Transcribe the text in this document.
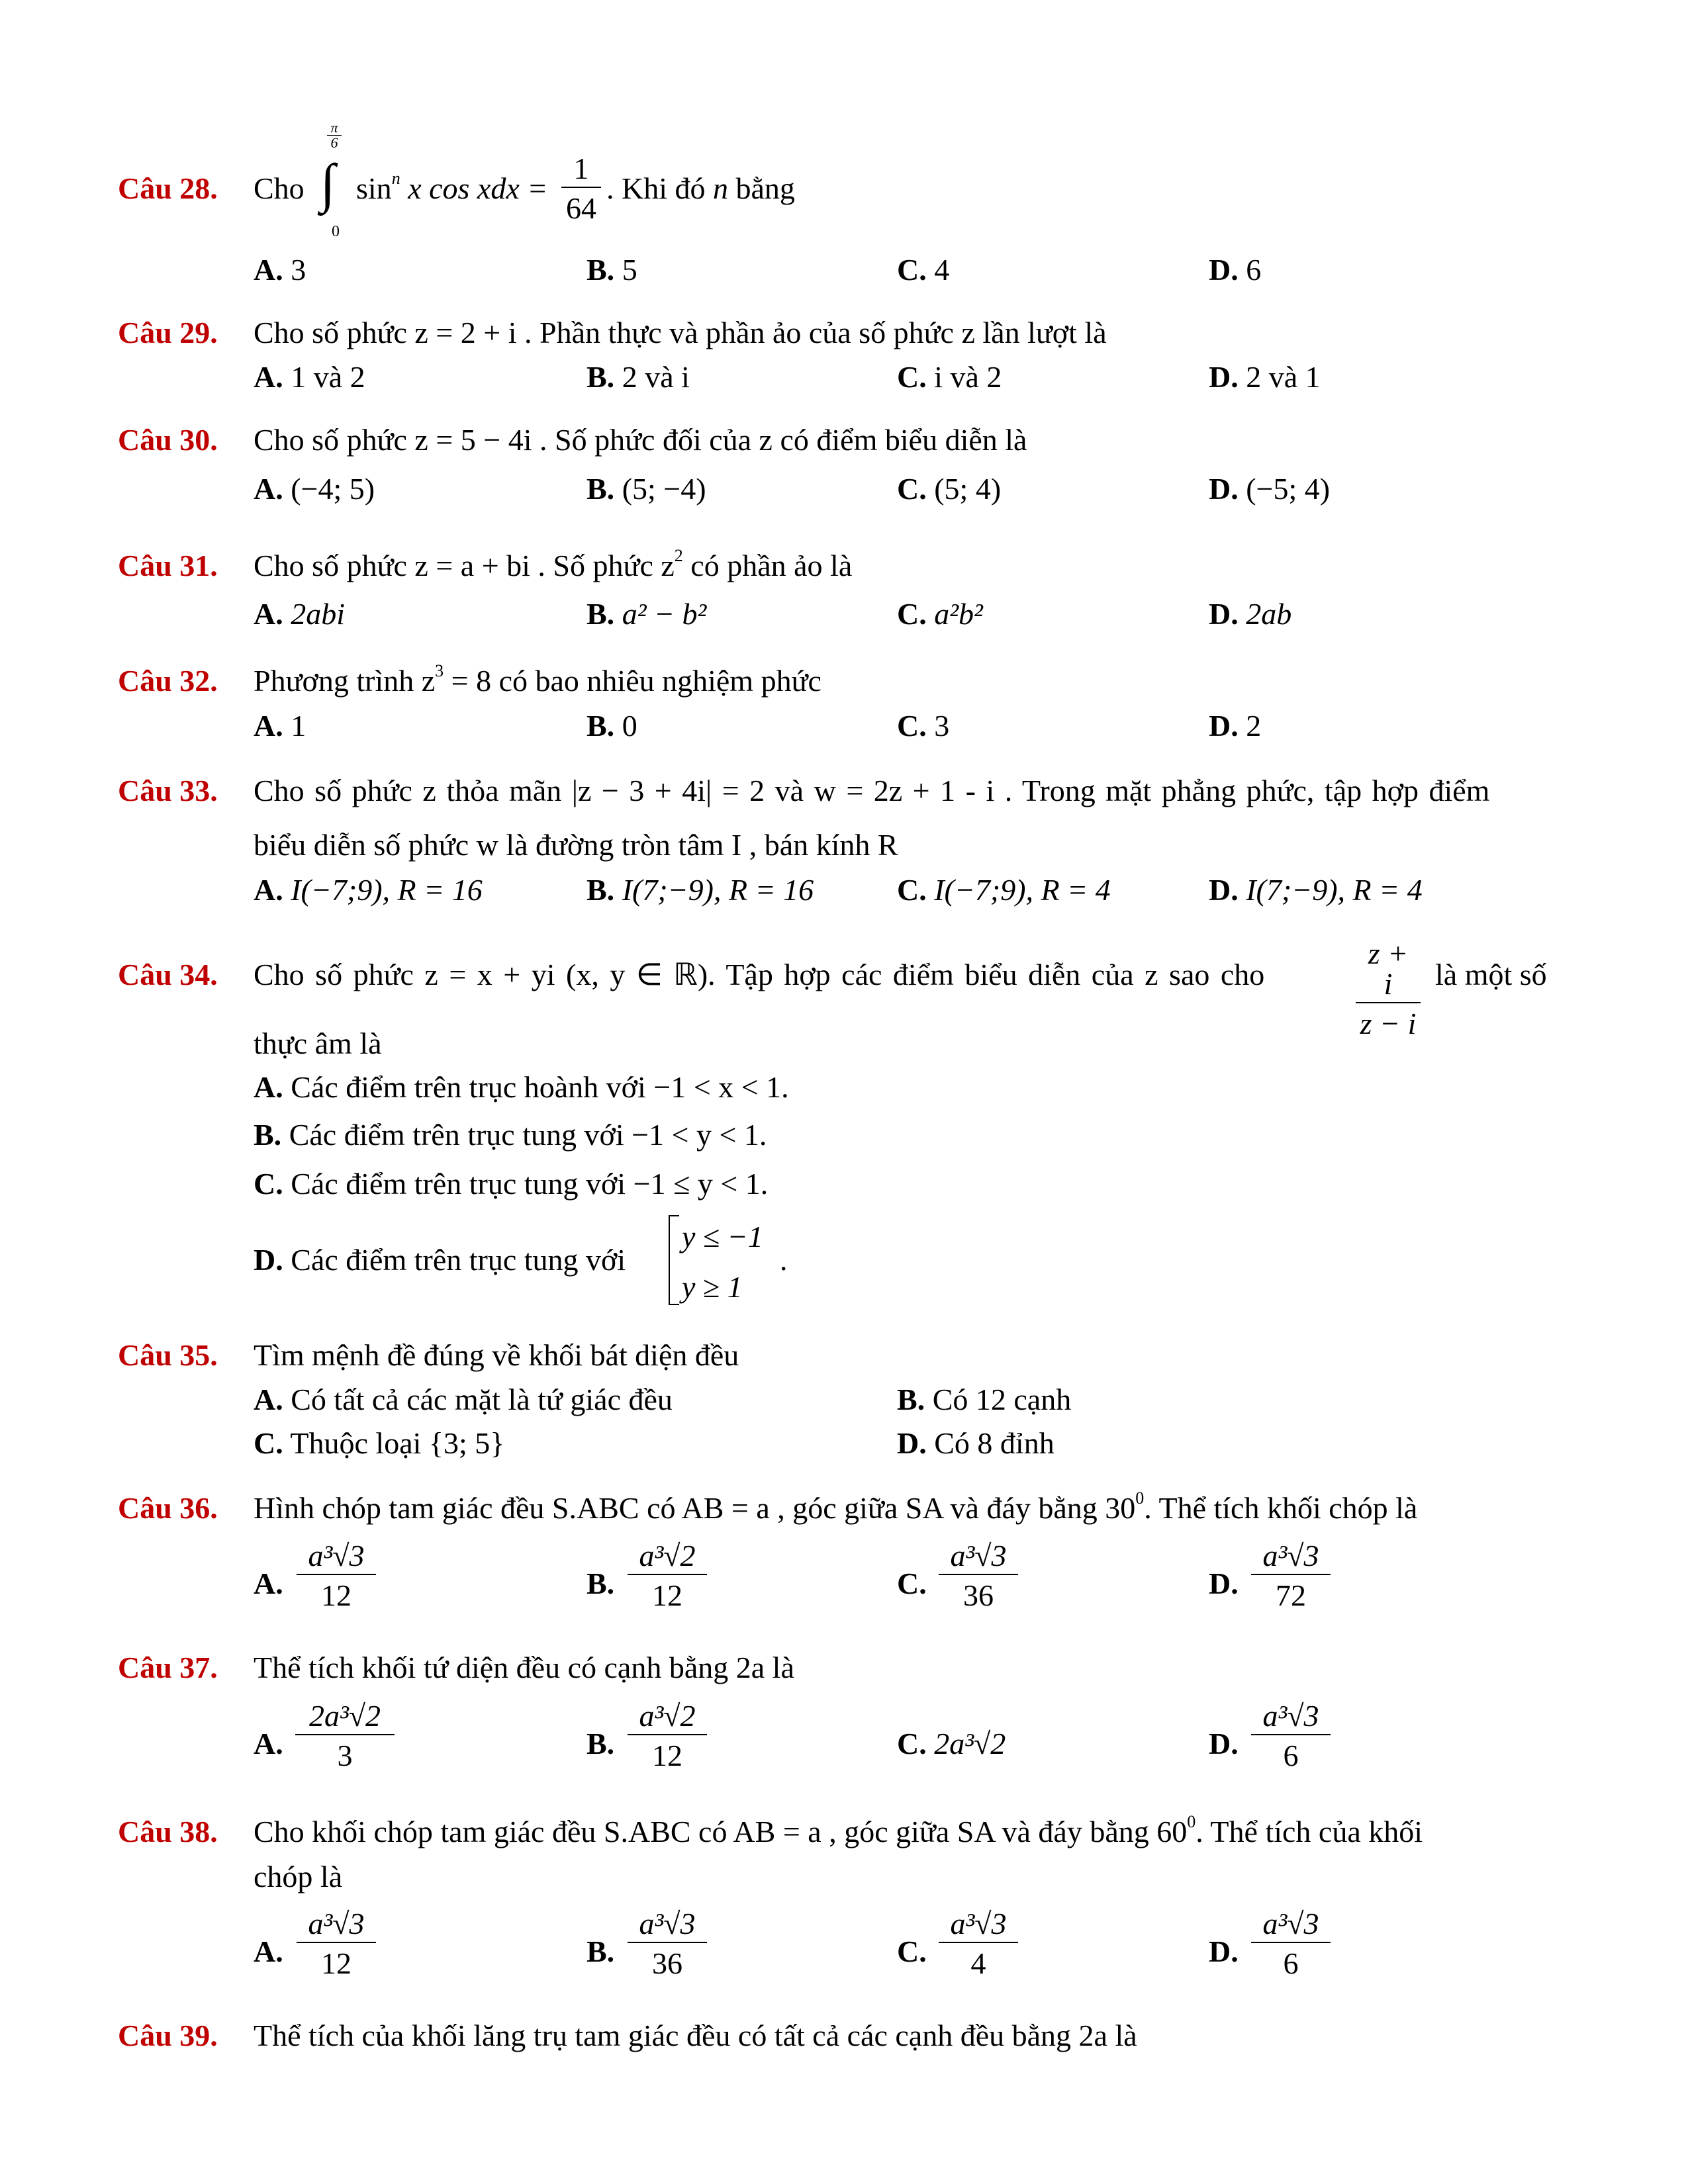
Câu 28. Cho
π
6
∫
0
$\sin^n x$ cos xdx =
1
64
. Khi đó n bằng
A. 3	B. 5	C. 4	D. 6
Câu 29. Cho số phức z = 2 + i . Phần thực và phần ảo của số phức z lần lượt là
A. 1 và 2	B. 2 và i	C. i và 2	D. 2 và 1
Câu 30. Cho số phức z = 5 − 4i . Số phức đối của z có điểm biểu diễn là
A. (−4; 5)	B. (5; −4)	C. (5; 4)	D. (−5; 4)
Câu 31. Cho số phức z = a + bi . Số phức $z^2$ có phần ảo là
A. 2abi	B. a² − b²	C. a²b²	D. 2ab
Câu 32. Phương trình $z^3 = 8$ có bao nhiêu nghiệm phức
A. 1	B. 0	C. 3	D. 2
Câu 33. Cho số phức z thỏa mãn |z − 3 + 4i| = 2 và w = 2z + 1 - i . Trong mặt phẳng phức, tập hợp điểm
biểu diễn số phức w là đường tròn tâm I , bán kính R
A. I(−7;9), R = 16	B. I(7;−9), R = 16	C. I(−7;9), R = 4	D. I(7;−9), R = 4
Câu 34. Cho số phức z = x + yi (x, y ∈ ℝ). Tập hợp các điểm biểu diễn của z sao cho
z + i
z − i
là một số
thực âm là
A. Các điểm trên trục hoành với −1 < x < 1.
B. Các điểm trên trục tung với −1 < y < 1.
C. Các điểm trên trục tung với −1 ≤ y < 1.
D. Các điểm trên trục tung với
y ≤ −1
y ≥ 1
.
Câu 35. Tìm mệnh đề đúng về khối bát diện đều
A. Có tất cả các mặt là tứ giác đều	B. Có 12 cạnh
C. Thuộc loại {3; 5}	D. Có 8 đỉnh
Câu 36. Hình chóp tam giác đều S.ABC có AB = a , góc giữa SA và đáy bằng $30^0$. Thể tích khối chóp là
A.
a³√3
12	B.
a³√2
12	C.
a³√3
36	D.
a³√3
72
Câu 37. Thể tích khối tứ diện đều có cạnh bằng 2a là
A.
2a³√2
3	B.
a³√2
12	C. 2a³√2	D.
a³√3
6
Câu 38. Cho khối chóp tam giác đều S.ABC có AB = a , góc giữa SA và đáy bằng $60^0$. Thể tích của khối
chóp là
A.
a³√3
12	B.
a³√3
36	C.
a³√3
4	D.
a³√3
6
Câu 39. Thể tích của khối lăng trụ tam giác đều có tất cả các cạnh đều bằng 2a là
